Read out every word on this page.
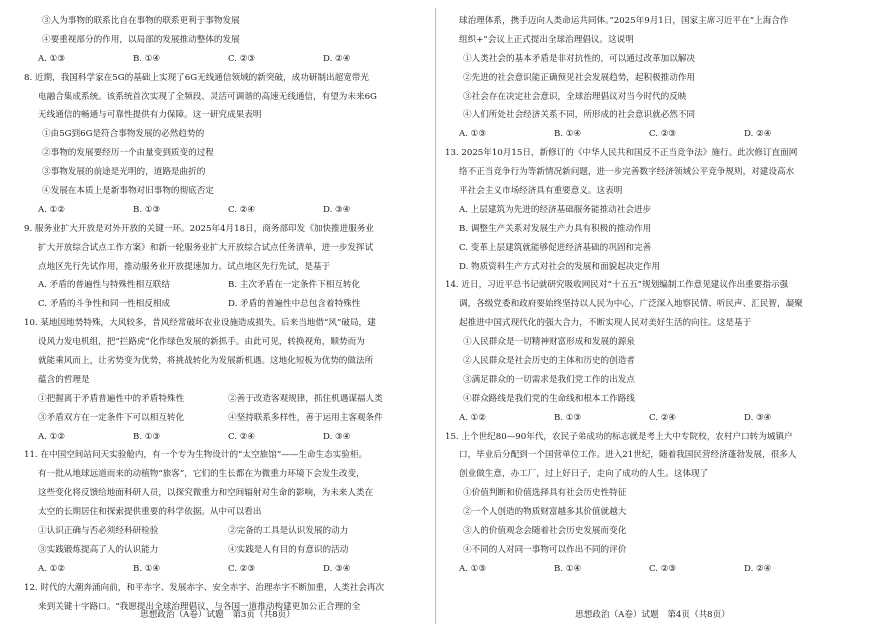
③人为事物的联系比自在事物的联系更利于事物发展
④要重视部分的作用，以局部的发展推动整体的发展
A. ①③	B. ①④	C. ②③	D. ②④
8. 近期，我国科学家在5G的基础上实现了6G无线通信领域的新突破，成功研制出超宽带光
电融合集成系统。该系统首次实现了全频段、灵活可调谐的高速无线通信，有望为未来6G
无线通信的畅通与可靠性提供有力保障。这一研究成果表明
①由5G到6G是符合事物发展的必然趋势的
②事物的发展要经历一个由量变到质变的过程
③事物发展的前途是光明的，道路是曲折的
④发展在本质上是新事物对旧事物的彻底否定
A. ①②	B. ①③	C. ②④	D. ③④
9. 服务业扩大开放是对外开放的关键一环。2025年4月18日，商务部印发《加快推进服务业
扩大开放综合试点工作方案》和新一轮服务业扩大开放综合试点任务清单，进一步发挥试
点地区先行先试作用，推动服务业开放提速加力。试点地区先行先试，是基于
A. 矛盾的普遍性与特殊性相互联结	B. 主次矛盾在一定条件下相互转化
C. 矛盾的斗争性和同一性相反相成	D. 矛盾的普遍性中总包含着特殊性
10. 某地因地势特殊，大风较多，昔风经常破坏农业设施造成损失。后来当地借“风”破局，建
设风力发电机组，把“拦路虎”化作绿色发展的新抓手。由此可见，转换视角，顺势而为
就能乘风而上，让劣势变为优势，将挑战转化为发展新机遇。这地化短板为优势的做法所
蕴含的哲理是
①把握离于矛盾普遍性中的矛盾特殊性	②善于改造客观规律，抓住机遇谋福人类
③矛盾双方在一定条件下可以相互转化	④坚持联系多样性，善于运用主客观条件
A. ①②	B. ①③	C. ②④	D. ③④
11. 在中国空间站问天实验舱内，有一个专为生物设计的“太空旅馆”——生命生态实验柜。
有一批从地球远道而来的动植物“旅客”，它们的生长都在为微重力环境下会发生改变，
这些变化将反馈给地面科研人员，以探究微重力和空间辐射对生命的影响，为未来人类在
太空的长期居住和探索提供重要的科学依据。从中可以看出
①认识正确与否必须经科研检验	②完备的工具是认识发展的动力
③实践锻炼提高了人的认识能力	④实践是人有目的有意识的活动
A. ①②	B. ①④	C. ②③	D. ③④
12. 时代的大潮奔涌向前，和平赤字、发展赤字、安全赤字、治理赤字不断加重，人类社会再次
来到关键十字路口。“我愿提出全球治理倡议，与各国一道推动构建更加公正合理的全
思想政治（A卷）试题　第3页（共8页）
球治理体系，携手迈向人类命运共同体。”2025年9月1日，国家主席习近平在“上海合作
组织+”会议上正式提出全球治理倡议。这说明
①人类社会的基本矛盾是非对抗性的，可以通过改革加以解决
②先进的社会意识能正确预见社会发展趋势，起积极推动作用
③社会存在决定社会意识，全球治理倡议对当今时代的反映
④人们所处社会经济关系不同，所形成的社会意识就必然不同
A. ①③	B. ①④	C. ②③	D. ②④
13. 2025年10月15日，新修订的《中华人民共和国反不正当竞争法》施行。此次修订直面网
络不正当竞争行为等新情况新问题，进一步完善数字经济领域公平竞争规则，对建设高水
平社会主义市场经济具有重要意义。这表明
A. 上层建筑为先进的经济基础服务能推动社会进步
B. 调整生产关系对发展生产力具有积极的推动作用
C. 变革上层建筑就能够促进经济基础的巩固和完善
D. 物质资料生产方式对社会的发展和面貌起决定作用
14. 近日，习近平总书记就研究吸收网民对“十五五”规划编制工作意见建议作出重要指示强
调，各级党委和政府要始终坚持以人民为中心，广泛深入地察民情、听民声、汇民智，凝聚
起推进中国式现代化的强大合力，不断实现人民对美好生活的向往。这是基于
①人民群众是一切精神财富形成和发展的源泉
②人民群众是社会历史的主体和历史的创造者
③满足群众的一切需求是我们党工作的出发点
④群众路线是我们党的生命线和根本工作路线
A. ①②	B. ①③	C. ②④	D. ③④
15. 上个世纪80—90年代，农民子弟成功的标志就是考上大中专院校，农村户口转为城镇户
口，毕业后分配到一个国营单位工作。进入21世纪，随着我国民营经济蓬勃发展，很多人
创业做生意，办工厂，过上好日子，走向了成功的人生。这体现了
①价值判断和价值选择具有社会历史性特征
②一个人创造的物质财富越多其价值就越大
③人的价值观念会随着社会历史发展而变化
④不同的人对同一事物可以作出不同的评价
A. ①③	B. ①④	C. ②③	D. ②④
思想政治（A卷）试题　第4页（共8页）
